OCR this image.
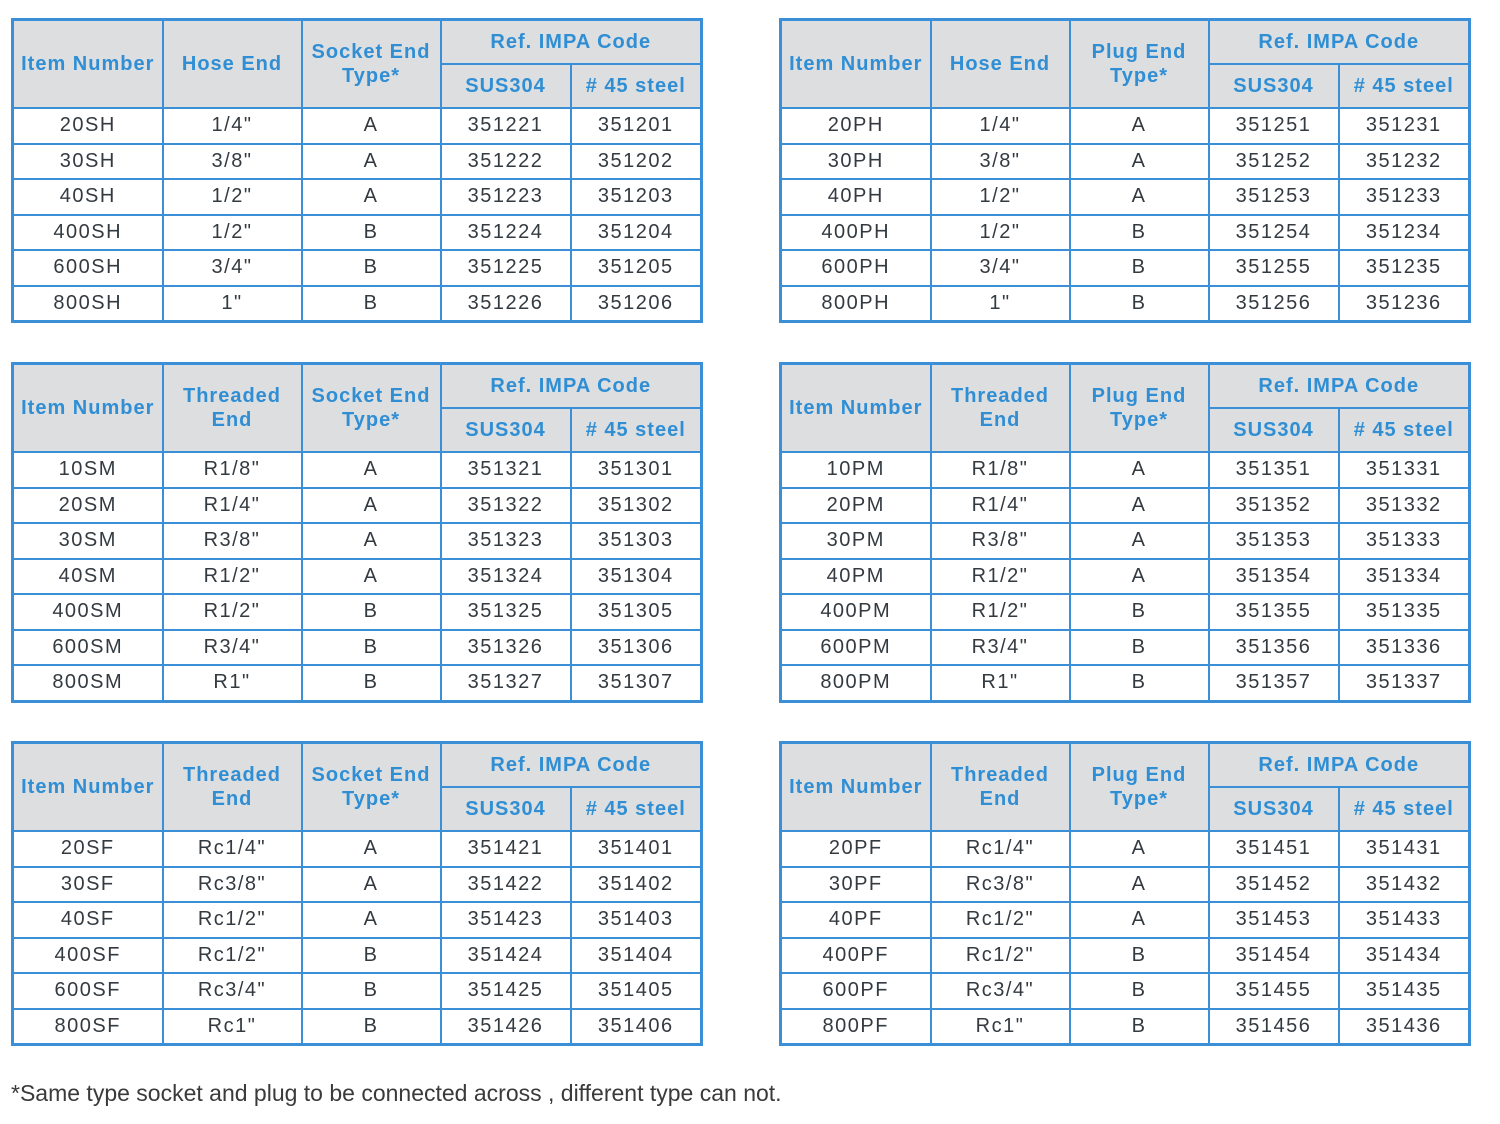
Item Number	Hose End	Socket End Type*	Ref. IMPA Code	
			SUS304	# 45 steel
20SH	1/4"	A	351221	351201
30SH	3/8"	A	351222	351202
40SH	1/2"	A	351223	351203
400SH	1/2"	B	351224	351204
600SH	3/4"	B	351225	351205
800SH	1"	B	351226	351206
Item Number	Hose End	Plug End Type*	Ref. IMPA Code	
			SUS304	# 45 steel
20PH	1/4"	A	351251	351231
30PH	3/8"	A	351252	351232
40PH	1/2"	A	351253	351233
400PH	1/2"	B	351254	351234
600PH	3/4"	B	351255	351235
800PH	1"	B	351256	351236
Item Number	Threaded End	Socket End Type*	Ref. IMPA Code	
			SUS304	# 45 steel
10SM	R1/8"	A	351321	351301
20SM	R1/4"	A	351322	351302
30SM	R3/8"	A	351323	351303
40SM	R1/2"	A	351324	351304
400SM	R1/2"	B	351325	351305
600SM	R3/4"	B	351326	351306
800SM	R1"	B	351327	351307
Item Number	Threaded End	Plug End Type*	Ref. IMPA Code	
			SUS304	# 45 steel
10PM	R1/8"	A	351351	351331
20PM	R1/4"	A	351352	351332
30PM	R3/8"	A	351353	351333
40PM	R1/2"	A	351354	351334
400PM	R1/2"	B	351355	351335
600PM	R3/4"	B	351356	351336
800PM	R1"	B	351357	351337
Item Number	Threaded End	Socket End Type*	Ref. IMPA Code	
			SUS304	# 45 steel
20SF	Rc1/4"	A	351421	351401
30SF	Rc3/8"	A	351422	351402
40SF	Rc1/2"	A	351423	351403
400SF	Rc1/2"	B	351424	351404
600SF	Rc3/4"	B	351425	351405
800SF	Rc1"	B	351426	351406
Item Number	Threaded End	Plug End Type*	Ref. IMPA Code	
			SUS304	# 45 steel
20PF	Rc1/4"	A	351451	351431
30PF	Rc3/8"	A	351452	351432
40PF	Rc1/2"	A	351453	351433
400PF	Rc1/2"	B	351454	351434
600PF	Rc3/4"	B	351455	351435
800PF	Rc1"	B	351456	351436
*Same type socket and plug to be connected across , different type can not.
